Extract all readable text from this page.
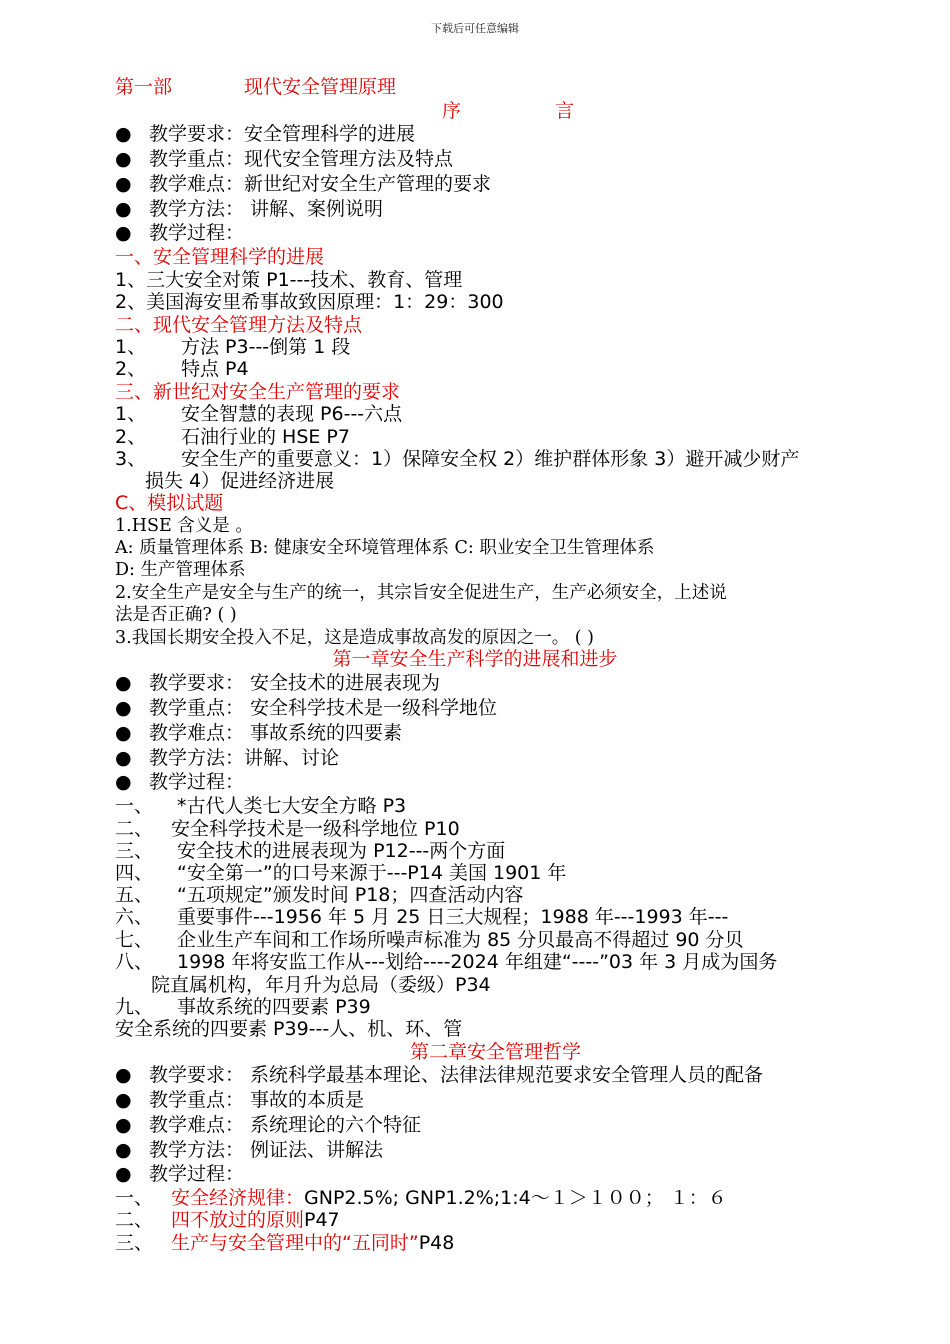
下载后可任意编辑
第一部	现代安全管理原理
序	言
● 教学要求：安全管理科学的进展
● 教学重点：现代安全管理方法及特点
● 教学难点：新世纪对安全生产管理的要求
● 教学方法： 讲解、案例说明
● 教学过程：
一、安全管理科学的进展
1、三大安全对策 P1---技术、教育、管理
2、美国海安里希事故致因原理：1：29：300
二、现代安全管理方法及特点
1、 方法 P3---倒第 1 段
2、 特点 P4
三、新世纪对安全生产管理的要求
1、 安全智慧的表现 P6---六点
2、 石油行业的 HSE P7
3、 安全生产的重要意义：1）保障安全权 2）维护群体形象 3）避开减少财产
损失 4）促进经济进展
C、模拟试题
1.HSE 含义是 。
A: 质量管理体系 B: 健康安全环境管理体系 C: 职业安全卫生管理体系
D: 生产管理体系
2.安全生产是安全与生产的统一，其宗旨安全促进生产，生产必须安全，上述说
法是否正确? ( )
3.我国长期安全投入不足，这是造成事故高发的原因之一。 ( )
第一章安全生产科学的进展和进步
● 教学要求： 安全技术的进展表现为
● 教学重点： 安全科学技术是一级科学地位
● 教学难点： 事故系统的四要素
● 教学方法：讲解、讨论
● 教学过程：
一、 *古代人类七大安全方略 P3
二、 安全科学技术是一级科学地位 P10
三、 安全技术的进展表现为 P12---两个方面
四、 “安全第一”的口号来源于---P14 美国 1901 年
五、 “五项规定”颁发时间 P18；四查活动内容
六、 重要事件---1956 年 5 月 25 日三大规程；1988 年---1993 年---
七、 企业生产车间和工作场所噪声标准为 85 分贝最高不得超过 90 分贝
八、 1998 年将安监工作从---划给----2024 年组建“----”03 年 3 月成为国务
院直属机构，年月升为总局（委级）P34
九、 事故系统的四要素 P39
安全系统的四要素 P39---人、机、环、管
第二章安全管理哲学
● 教学要求： 系统科学最基本理论、法律法律规范要求安全管理人员的配备
● 教学重点： 事故的本质是
● 教学难点： 系统理论的六个特征
● 教学方法： 例证法、讲解法
● 教学过程：
一、 安全经济规律：GNP2.5%; GNP1.2%;1:4～１＞１００； １：６
二、 四不放过的原则P47
三、 生产与安全管理中的“五同时”P48
